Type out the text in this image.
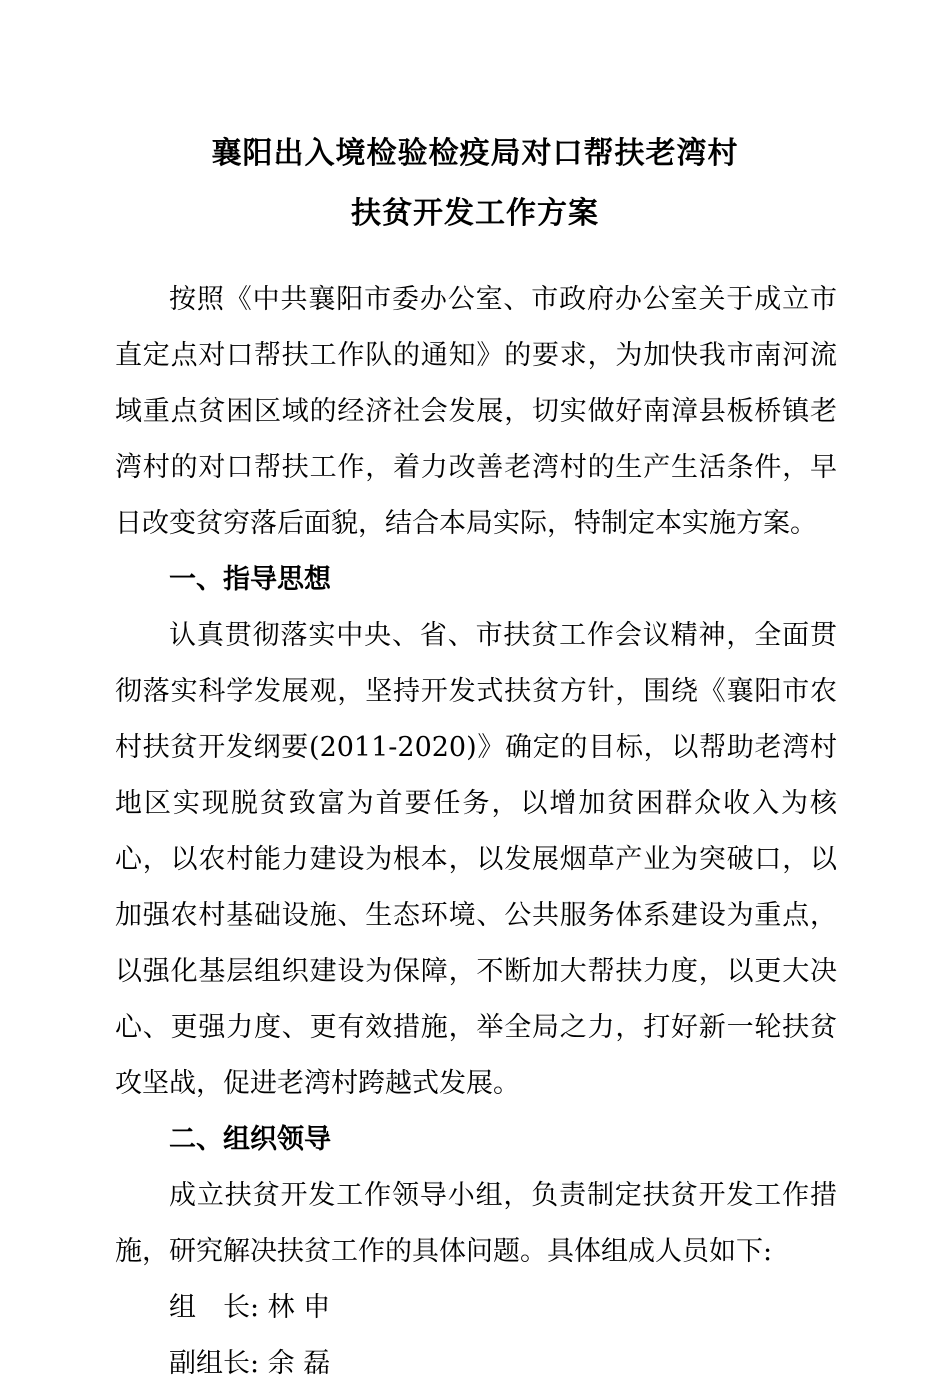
襄阳出入境检验检疫局对口帮扶老湾村
扶贫开发工作方案

按照《中共襄阳市委办公室、市政府办公室关于成立市直定点对口帮扶工作队的通知》的要求，为加快我市南河流域重点贫困区域的经济社会发展，切实做好南漳县板桥镇老湾村的对口帮扶工作，着力改善老湾村的生产生活条件，早日改变贫穷落后面貌，结合本局实际，特制定本实施方案。

一、指导思想

认真贯彻落实中央、省、市扶贫工作会议精神，全面贯彻落实科学发展观，坚持开发式扶贫方针，围绕《襄阳市农村扶贫开发纲要(2011-2020)》确定的目标，以帮助老湾村地区实现脱贫致富为首要任务，以增加贫困群众收入为核心，以农村能力建设为根本，以发展烟草产业为突破口，以加强农村基础设施、生态环境、公共服务体系建设为重点，以强化基层组织建设为保障，不断加大帮扶力度，以更大决心、更强力度、更有效措施，举全局之力，打好新一轮扶贫攻坚战，促进老湾村跨越式发展。

二、组织领导

成立扶贫开发工作领导小组，负责制定扶贫开发工作措施，研究解决扶贫工作的具体问题。具体组成人员如下:

组　长: 林 申

副组长: 余 磊
